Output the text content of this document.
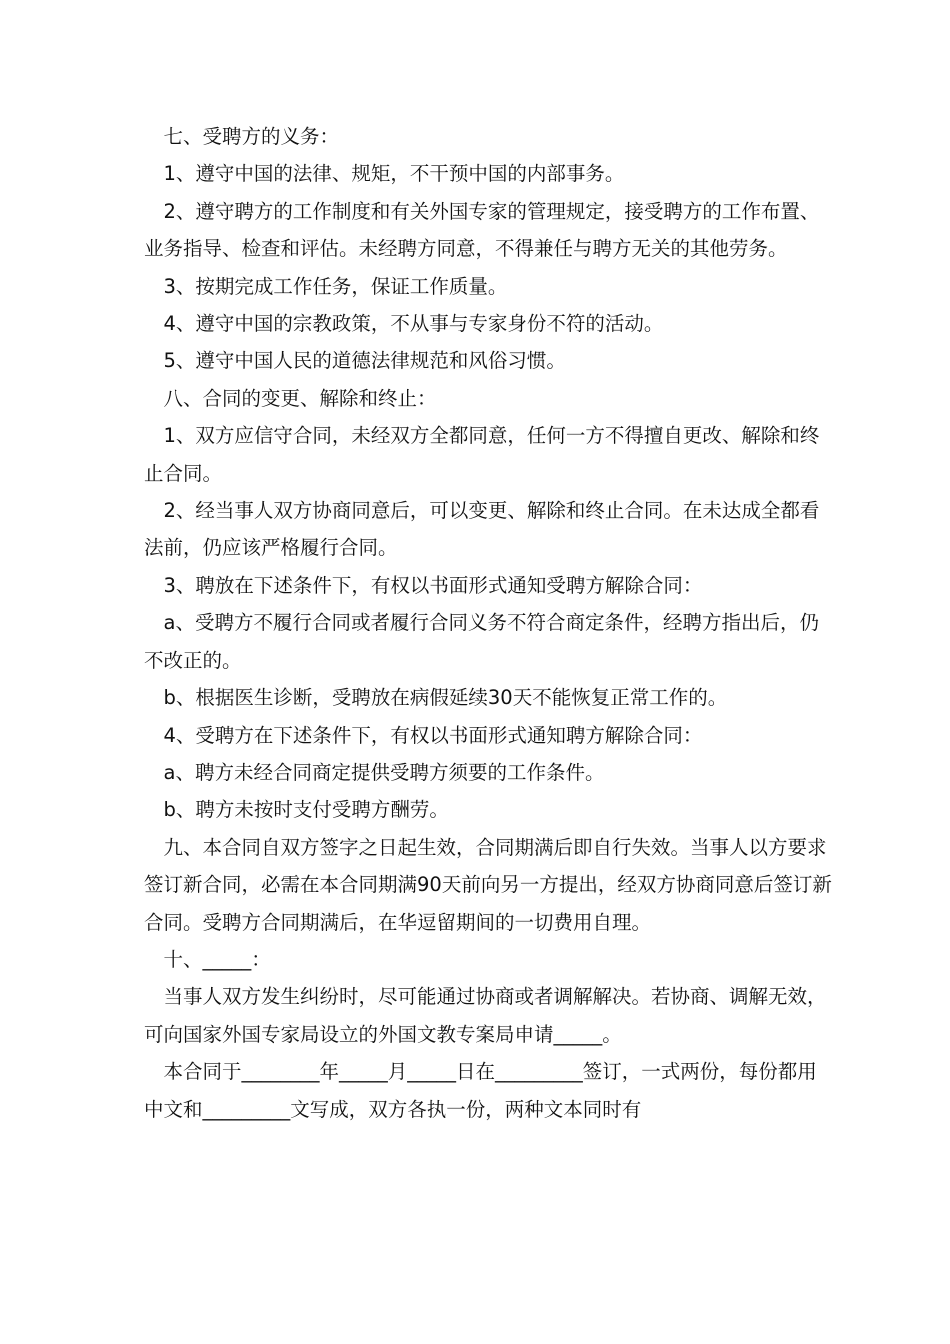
七、受聘方的义务：

1、遵守中国的法律、规矩，不干预中国的内部事务。

2、遵守聘方的工作制度和有关外国专家的管理规定，接受聘方的工作布置、业务指导、检查和评估。未经聘方同意，不得兼任与聘方无关的其他劳务。

3、按期完成工作任务，保证工作质量。

4、遵守中国的宗教政策，不从事与专家身份不符的活动。

5、遵守中国人民的道德法律规范和风俗习惯。

八、合同的变更、解除和终止：

1、双方应信守合同，未经双方全都同意，任何一方不得擅自更改、解除和终止合同。

2、经当事人双方协商同意后，可以变更、解除和终止合同。在未达成全都看法前，仍应该严格履行合同。

3、聘放在下述条件下，有权以书面形式通知受聘方解除合同：

a、受聘方不履行合同或者履行合同义务不符合商定条件，经聘方指出后，仍不改正的。

b、根据医生诊断，受聘放在病假延续30天不能恢复正常工作的。

4、受聘方在下述条件下，有权以书面形式通知聘方解除合同：

a、聘方未经合同商定提供受聘方须要的工作条件。

b、聘方未按时支付受聘方酬劳。

九、本合同自双方签字之日起生效，合同期满后即自行失效。当事人以方要求签订新合同，必需在本合同期满90天前向另一方提出，经双方协商同意后签订新合同。受聘方合同期满后，在华逗留期间的一切费用自理。

十、_____：

当事人双方发生纠纷时，尽可能通过协商或者调解解决。若协商、调解无效，可向国家外国专家局设立的外国文教专案局申请_____。

本合同于________年_____月_____日在_________签订，一式两份，每份都用中文和_________文写成，双方各执一份，两种文本同时有
